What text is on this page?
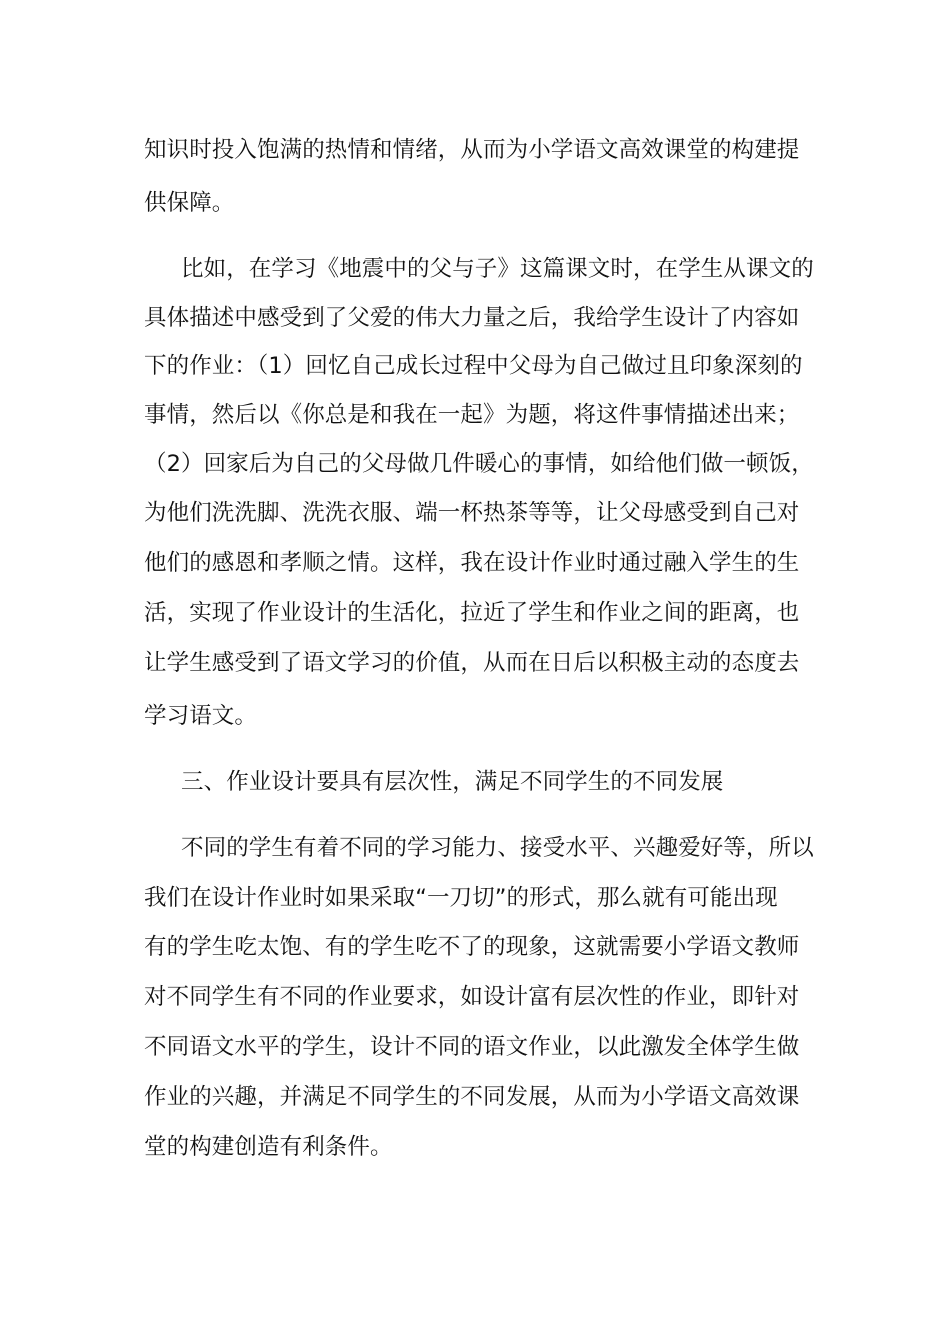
知识时投入饱满的热情和情绪，从而为小学语文高效课堂的构建提
供保障。
比如，在学习《地震中的父与子》这篇课文时，在学生从课文的
具体描述中感受到了父爱的伟大力量之后，我给学生设计了内容如
下的作业：（1）回忆自己成长过程中父母为自己做过且印象深刻的
事情，然后以《你总是和我在一起》为题，将这件事情描述出来；
（2）回家后为自己的父母做几件暖心的事情，如给他们做一顿饭，
为他们洗洗脚、洗洗衣服、端一杯热茶等等，让父母感受到自己对
他们的感恩和孝顺之情。这样，我在设计作业时通过融入学生的生
活，实现了作业设计的生活化，拉近了学生和作业之间的距离，也
让学生感受到了语文学习的价值，从而在日后以积极主动的态度去
学习语文。
三、作业设计要具有层次性，满足不同学生的不同发展
不同的学生有着不同的学习能力、接受水平、兴趣爱好等，所以
我们在设计作业时如果采取“一刀切”的形式，那么就有可能出现
有的学生吃太饱、有的学生吃不了的现象，这就需要小学语文教师
对不同学生有不同的作业要求，如设计富有层次性的作业，即针对
不同语文水平的学生，设计不同的语文作业，以此激发全体学生做
作业的兴趣，并满足不同学生的不同发展，从而为小学语文高效课
堂的构建创造有利条件。
